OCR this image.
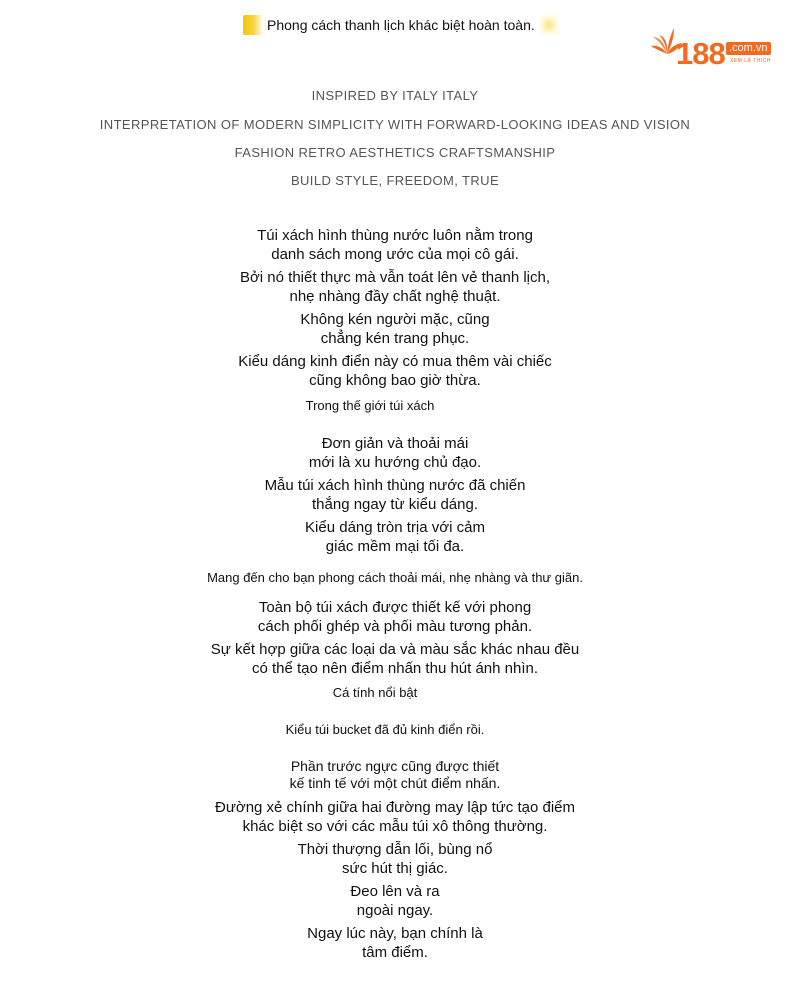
Phong cách thanh lịch khác biệt hoàn toàn.
188 .com.vn
XEM LÀ THÍCH
INSPIRED BY ITALY ITALY
INTERPRETATION OF MODERN SIMPLICITY WITH FORWARD-LOOKING IDEAS AND VISION
FASHION RETRO AESTHETICS CRAFTSMANSHIP
BUILD STYLE, FREEDOM, TRUE

Túi xách hình thùng nước luôn nằm trong
danh sách mong ước của mọi cô gái.

Bởi nó thiết thực mà vẫn toát lên vẻ thanh lịch,
nhẹ nhàng đầy chất nghệ thuật.

Không kén người mặc, cũng
chẳng kén trang phục.

Kiểu dáng kinh điển này có mua thêm vài chiếc
cũng không bao giờ thừa.

Trong thế giới túi xách

Đơn giản và thoải mái
mới là xu hướng chủ đạo.

Mẫu túi xách hình thùng nước đã chiến
thắng ngay từ kiểu dáng.

Kiểu dáng tròn trịa với cảm
giác mềm mại tối đa.

Mang đến cho bạn phong cách thoải mái, nhẹ nhàng và thư giãn.

Toàn bộ túi xách được thiết kế với phong
cách phối ghép và phối màu tương phản.

Sự kết hợp giữa các loại da và màu sắc khác nhau đều
có thể tạo nên điểm nhấn thu hút ánh nhìn.

Cá tính nổi bật

Kiểu túi bucket đã đủ kinh điển rồi.

Phần trước ngực cũng được thiết
kế tinh tế với một chút điểm nhấn.

Đường xẻ chính giữa hai đường may lập tức tạo điểm
khác biệt so với các mẫu túi xô thông thường.

Thời thượng dẫn lối, bùng nổ
sức hút thị giác.

Đeo lên và ra
ngoài ngay.

Ngay lúc này, bạn chính là
tâm điểm.
